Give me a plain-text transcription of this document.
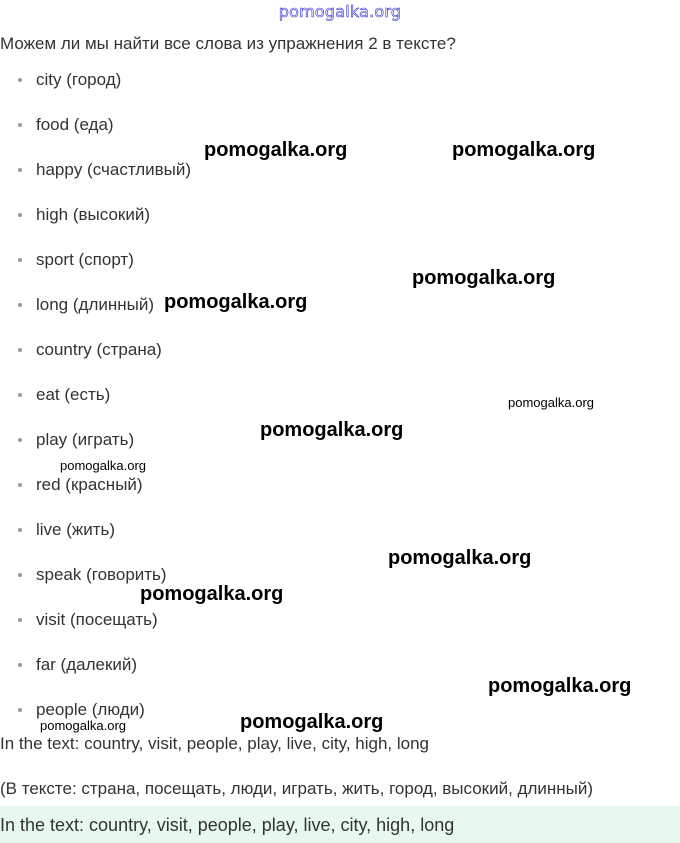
pomogalka.org

Можем ли мы найти все слова из упражнения 2 в тексте?

city (город)
food (еда)
happy (счастливый)
high (высокий)
sport (спорт)
long (длинный)
country (страна)
eat (есть)
play (играть)
red (красный)
live (жить)
speak (говорить)
visit (посещать)
far (далекий)
people (люди)

In the text: country, visit, people, play, live, city, high, long

(В тексте: страна, посещать, люди, играть, жить, город, высокий, длинный)

In the text: country, visit, people, play, live, city, high, long

pomogalka.org	pomogalka.org
pomogalka.org
pomogalka.org
pomogalka.org
pomogalka.org
pomogalka.org
pomogalka.org
pomogalka.org
pomogalka.org
pomogalka.org	pomogalka.org
